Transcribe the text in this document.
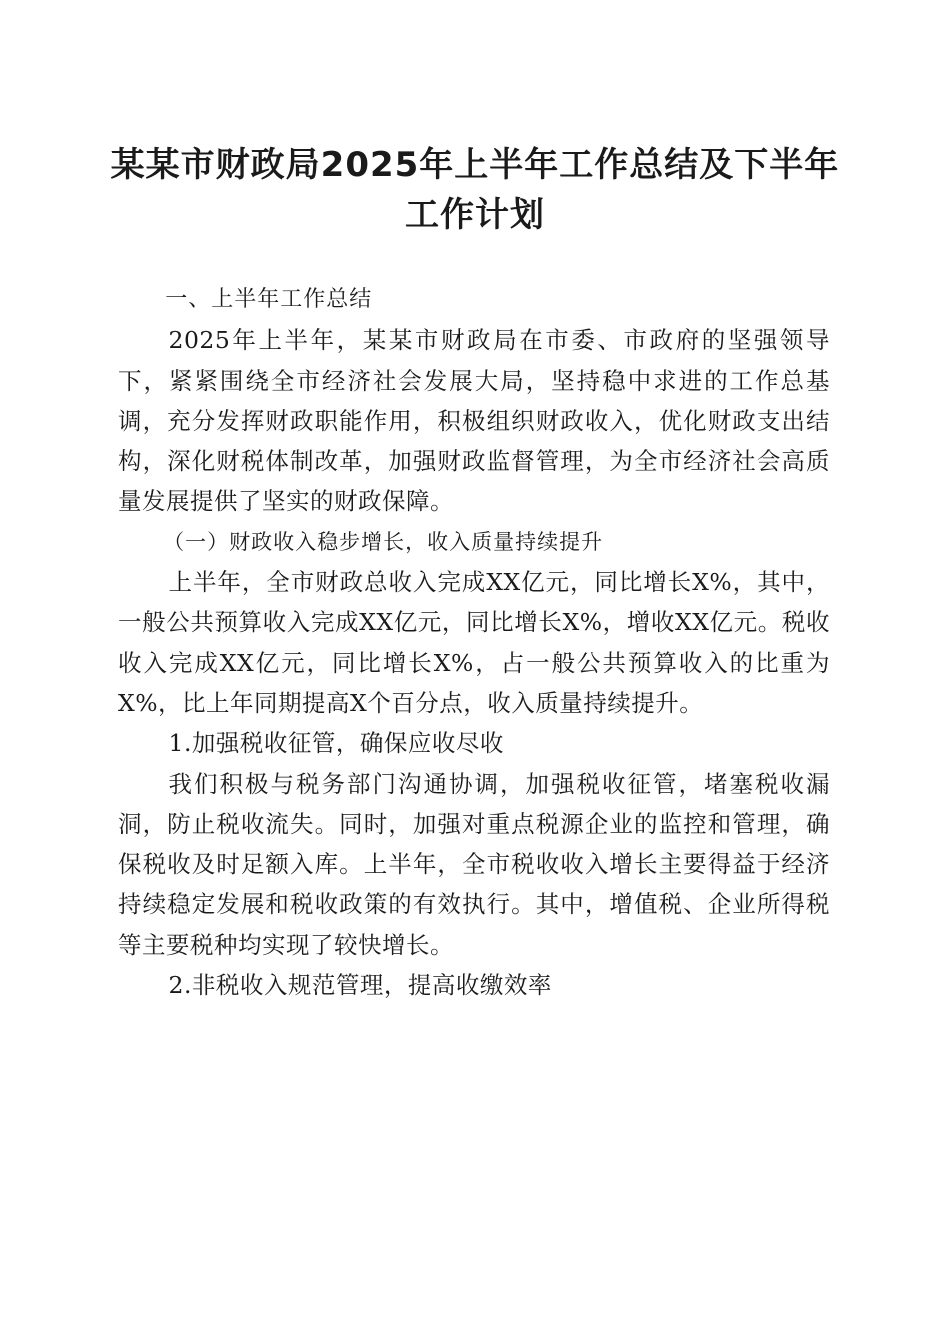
某某市财政局2025年上半年工作总结及下半年工作计划

一、上半年工作总结

2025年上半年，某某市财政局在市委、市政府的坚强领导下，紧紧围绕全市经济社会发展大局，坚持稳中求进的工作总基调，充分发挥财政职能作用，积极组织财政收入，优化财政支出结构，深化财税体制改革，加强财政监督管理，为全市经济社会高质量发展提供了坚实的财政保障。

（一）财政收入稳步增长，收入质量持续提升

上半年，全市财政总收入完成XX亿元，同比增长X%，其中，一般公共预算收入完成XX亿元，同比增长X%，增收XX亿元。税收收入完成XX亿元，同比增长X%，占一般公共预算收入的比重为X%，比上年同期提高X个百分点，收入质量持续提升。

1.加强税收征管，确保应收尽收

我们积极与税务部门沟通协调，加强税收征管，堵塞税收漏洞，防止税收流失。同时，加强对重点税源企业的监控和管理，确保税收及时足额入库。上半年，全市税收收入增长主要得益于经济持续稳定发展和税收政策的有效执行。其中，增值税、企业所得税等主要税种均实现了较快增长。

2.非税收入规范管理，提高收缴效率
